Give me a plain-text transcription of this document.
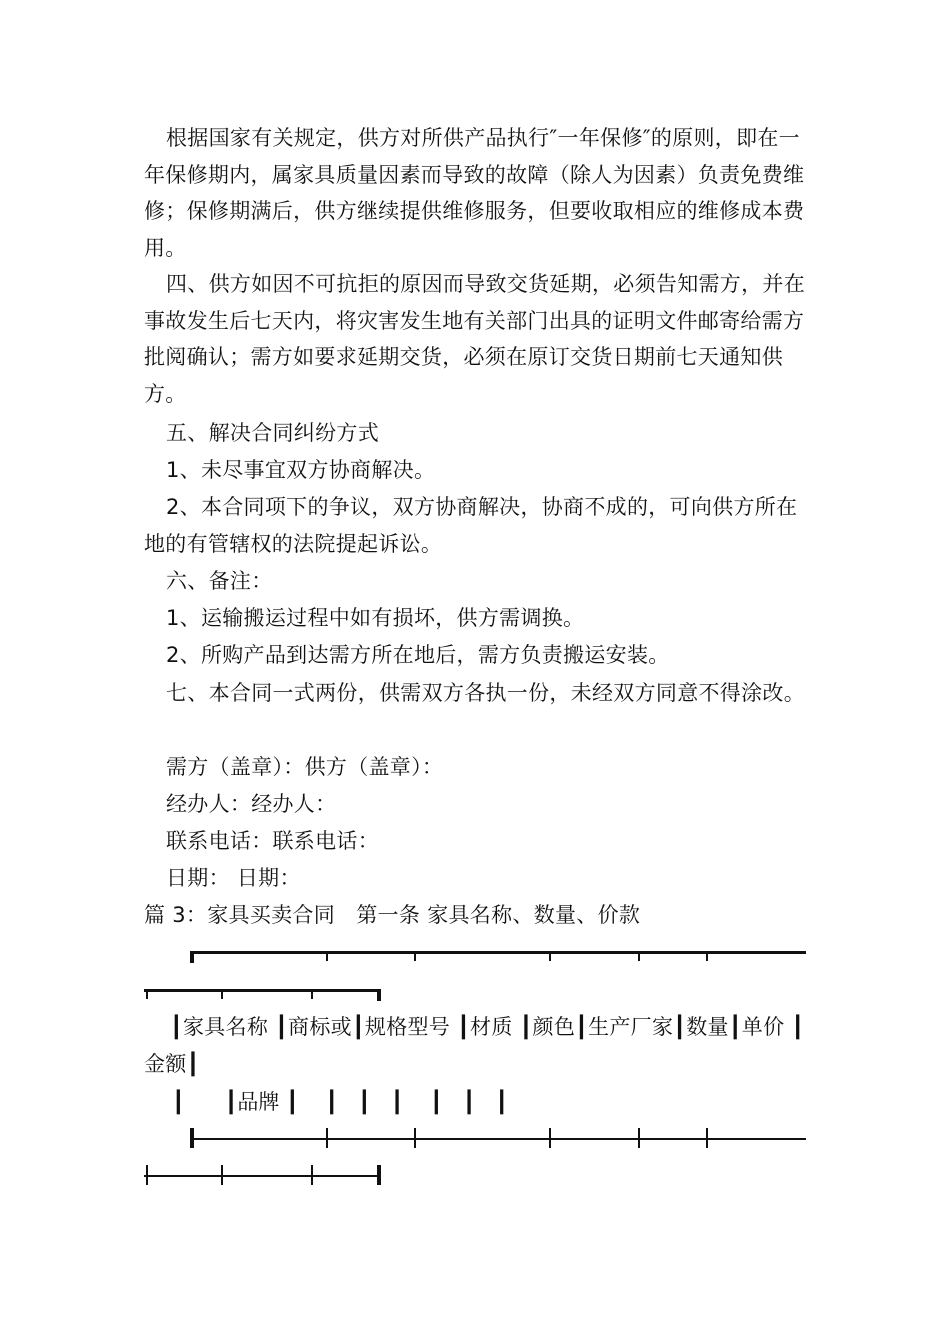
根据国家有关规定，供方对所供产品执行″一年保修″的原则，即在一年保修期内，属家具质量因素而导致的故障（除人为因素）负责免费维修；保修期满后，供方继续提供维修服务，但要收取相应的维修成本费用。
四、供方如因不可抗拒的原因而导致交货延期，必须告知需方，并在事故发生后七天内，将灾害发生地有关部门出具的证明文件邮寄给需方批阅确认；需方如要求延期交货，必须在原订交货日期前七天通知供方。
五、解决合同纠纷方式
1、未尽事宜双方协商解决。
2、本合同项下的争议，双方协商解决，协商不成的，可向供方所在地的有管辖权的法院提起诉讼。
六、备注：
1、运输搬运过程中如有损坏，供方需调换。
2、所购产品到达需方所在地后，需方负责搬运安装。
七、本合同一式两份，供需双方各执一份，未经双方同意不得涂改。
需方（盖章）：供方（盖章）：
经办人：经办人：
联系电话：联系电话：
日期： 日期：
篇 3：家具买卖合同　第一条 家具名称、数量、价款
┃家具名称 ┃商标或┃规格型号 ┃材质 ┃颜色┃生产厂家┃数量┃单价 ┃金额┃
┃      ┃品牌 ┃    ┃   ┃   ┃    ┃   ┃   ┃
